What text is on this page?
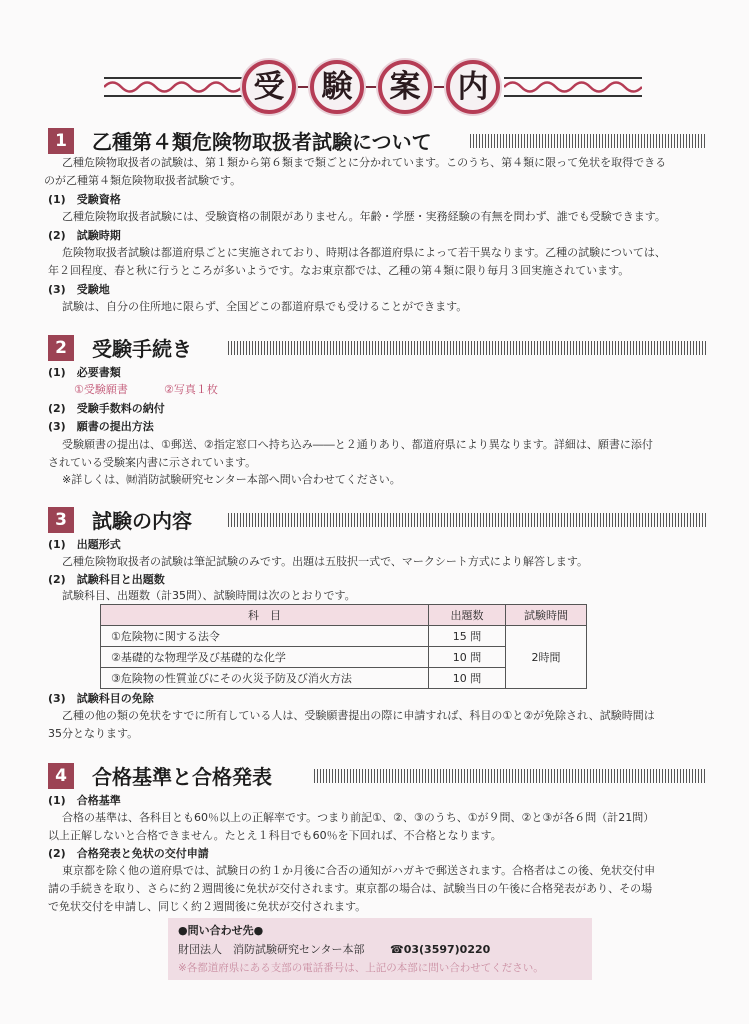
受	験	案	内
1	乙種第４類危険物取扱者試験について
乙種危険物取扱者の試験は、第１類から第６類まで類ごとに分かれています。このうち、第４類に限って免状を取得できる
のが乙種第４類危険物取扱者試験です。
(1)　受験資格
乙種危険物取扱者試験には、受験資格の制限がありません。年齢・学歴・実務経験の有無を問わず、誰でも受験できます。
(2)　試験時期
危険物取扱者試験は都道府県ごとに実施されており、時期は各都道府県によって若干異なります。乙種の試験については、
年２回程度、春と秋に行うところが多いようです。なお東京都では、乙種の第４類に限り毎月３回実施されています。
(3)　受験地
試験は、自分の住所地に限らず、全国どこの都道府県でも受けることができます。
2	受験手続き
(1)　必要書類
①受験願書	②写真１枚
(2)　受験手数料の納付
(3)　願書の提出方法
受験願書の提出は、①郵送、②指定窓口へ持ち込み――と２通りあり、都道府県により異なります。詳細は、願書に添付
されている受験案内書に示されています。
※詳しくは、㈶消防試験研究センター本部へ問い合わせてください。
3	試験の内容
(1)　出題形式
乙種危険物取扱者の試験は筆記試験のみです。出題は五肢択一式で、マークシート方式により解答します。
(2)　試験科目と出題数
試験科目、出題数（計35問）、試験時間は次のとおりです。
科　目	出題数	試験時間
①危険物に関する法令	15 問	2時間
②基礎的な物理学及び基礎的な化学	10 問	
③危険物の性質並びにその火災予防及び消火方法	10 問	
(3)　試験科目の免除
乙種の他の類の免状をすでに所有している人は、受験願書提出の際に申請すれば、科目の①と②が免除され、試験時間は
35分となります。
4	合格基準と合格発表
(1)　合格基準
合格の基準は、各科目とも60％以上の正解率です。つまり前記①、②、③のうち、①が９問、②と③が各６問（計21問）
以上正解しないと合格できません。たとえ１科目でも60％を下回れば、不合格となります。
(2)　合格発表と免状の交付申請
東京都を除く他の道府県では、試験日の約１か月後に合否の通知がハガキで郵送されます。合格者はこの後、免状交付申
請の手続きを取り、さらに約２週間後に免状が交付されます。東京都の場合は、試験当日の午後に合格発表があり、その場
で免状交付を申請し、同じく約２週間後に免状が交付されます。
●問い合わせ先●
財団法人　消防試験研究センター本部 ☎03(3597)0220
※各都道府県にある支部の電話番号は、上記の本部に問い合わせてください。
